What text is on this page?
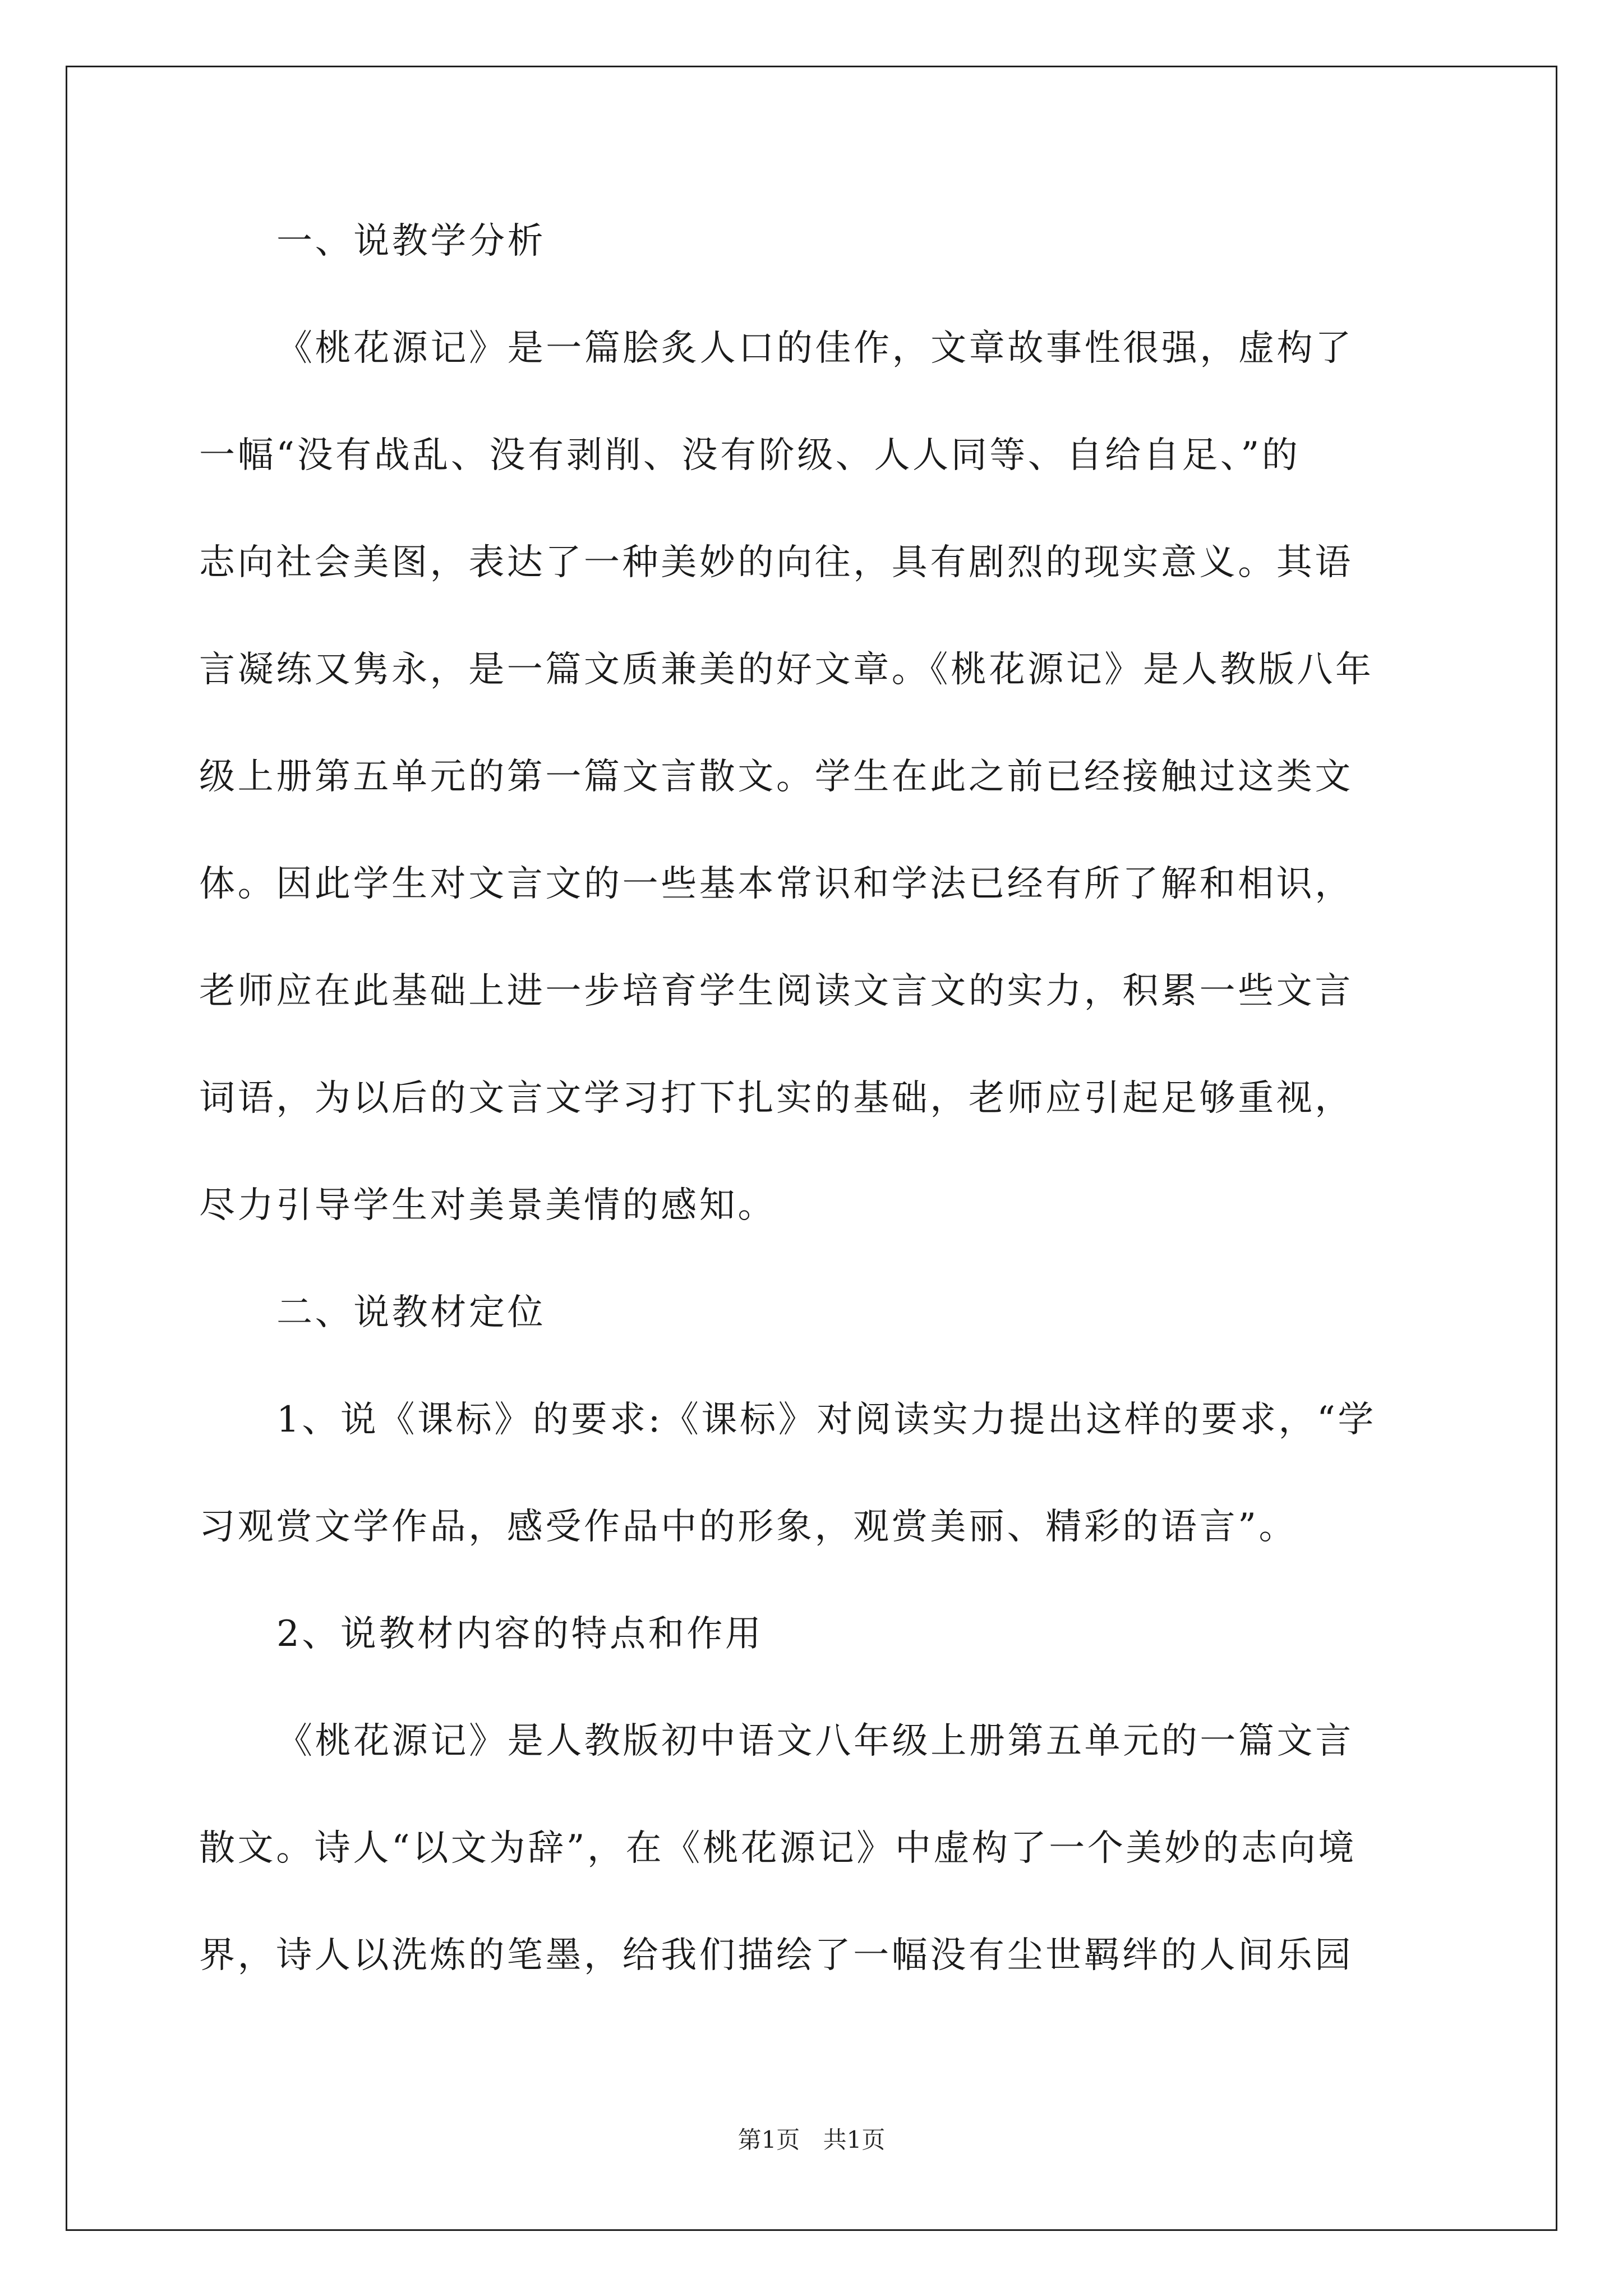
一、说教学分析
《桃花源记》是一篇脍炙人口的佳作，文章故事性很强，虚构了
一幅“没有战乱、没有剥削、没有阶级、人人同等、自给自足、”的
志向社会美图，表达了一种美妙的向往，具有剧烈的现实意义。其语
言凝练又隽永，是一篇文质兼美的好文章。《桃花源记》是人教版八年
级上册第五单元的第一篇文言散文。学生在此之前已经接触过这类文
体。因此学生对文言文的一些基本常识和学法已经有所了解和相识，
老师应在此基础上进一步培育学生阅读文言文的实力，积累一些文言
词语，为以后的文言文学习打下扎实的基础，老师应引起足够重视，
尽力引导学生对美景美情的感知。
二、说教材定位
1、说《课标》的要求:《课标》对阅读实力提出这样的要求，“学
习观赏文学作品，感受作品中的形象，观赏美丽、精彩的语言”。
2、说教材内容的特点和作用
《桃花源记》是人教版初中语文八年级上册第五单元的一篇文言
散文。诗人“以文为辞”，在《桃花源记》中虚构了一个美妙的志向境
界，诗人以洗炼的笔墨，给我们描绘了一幅没有尘世羁绊的人间乐园
第1页 共1页
